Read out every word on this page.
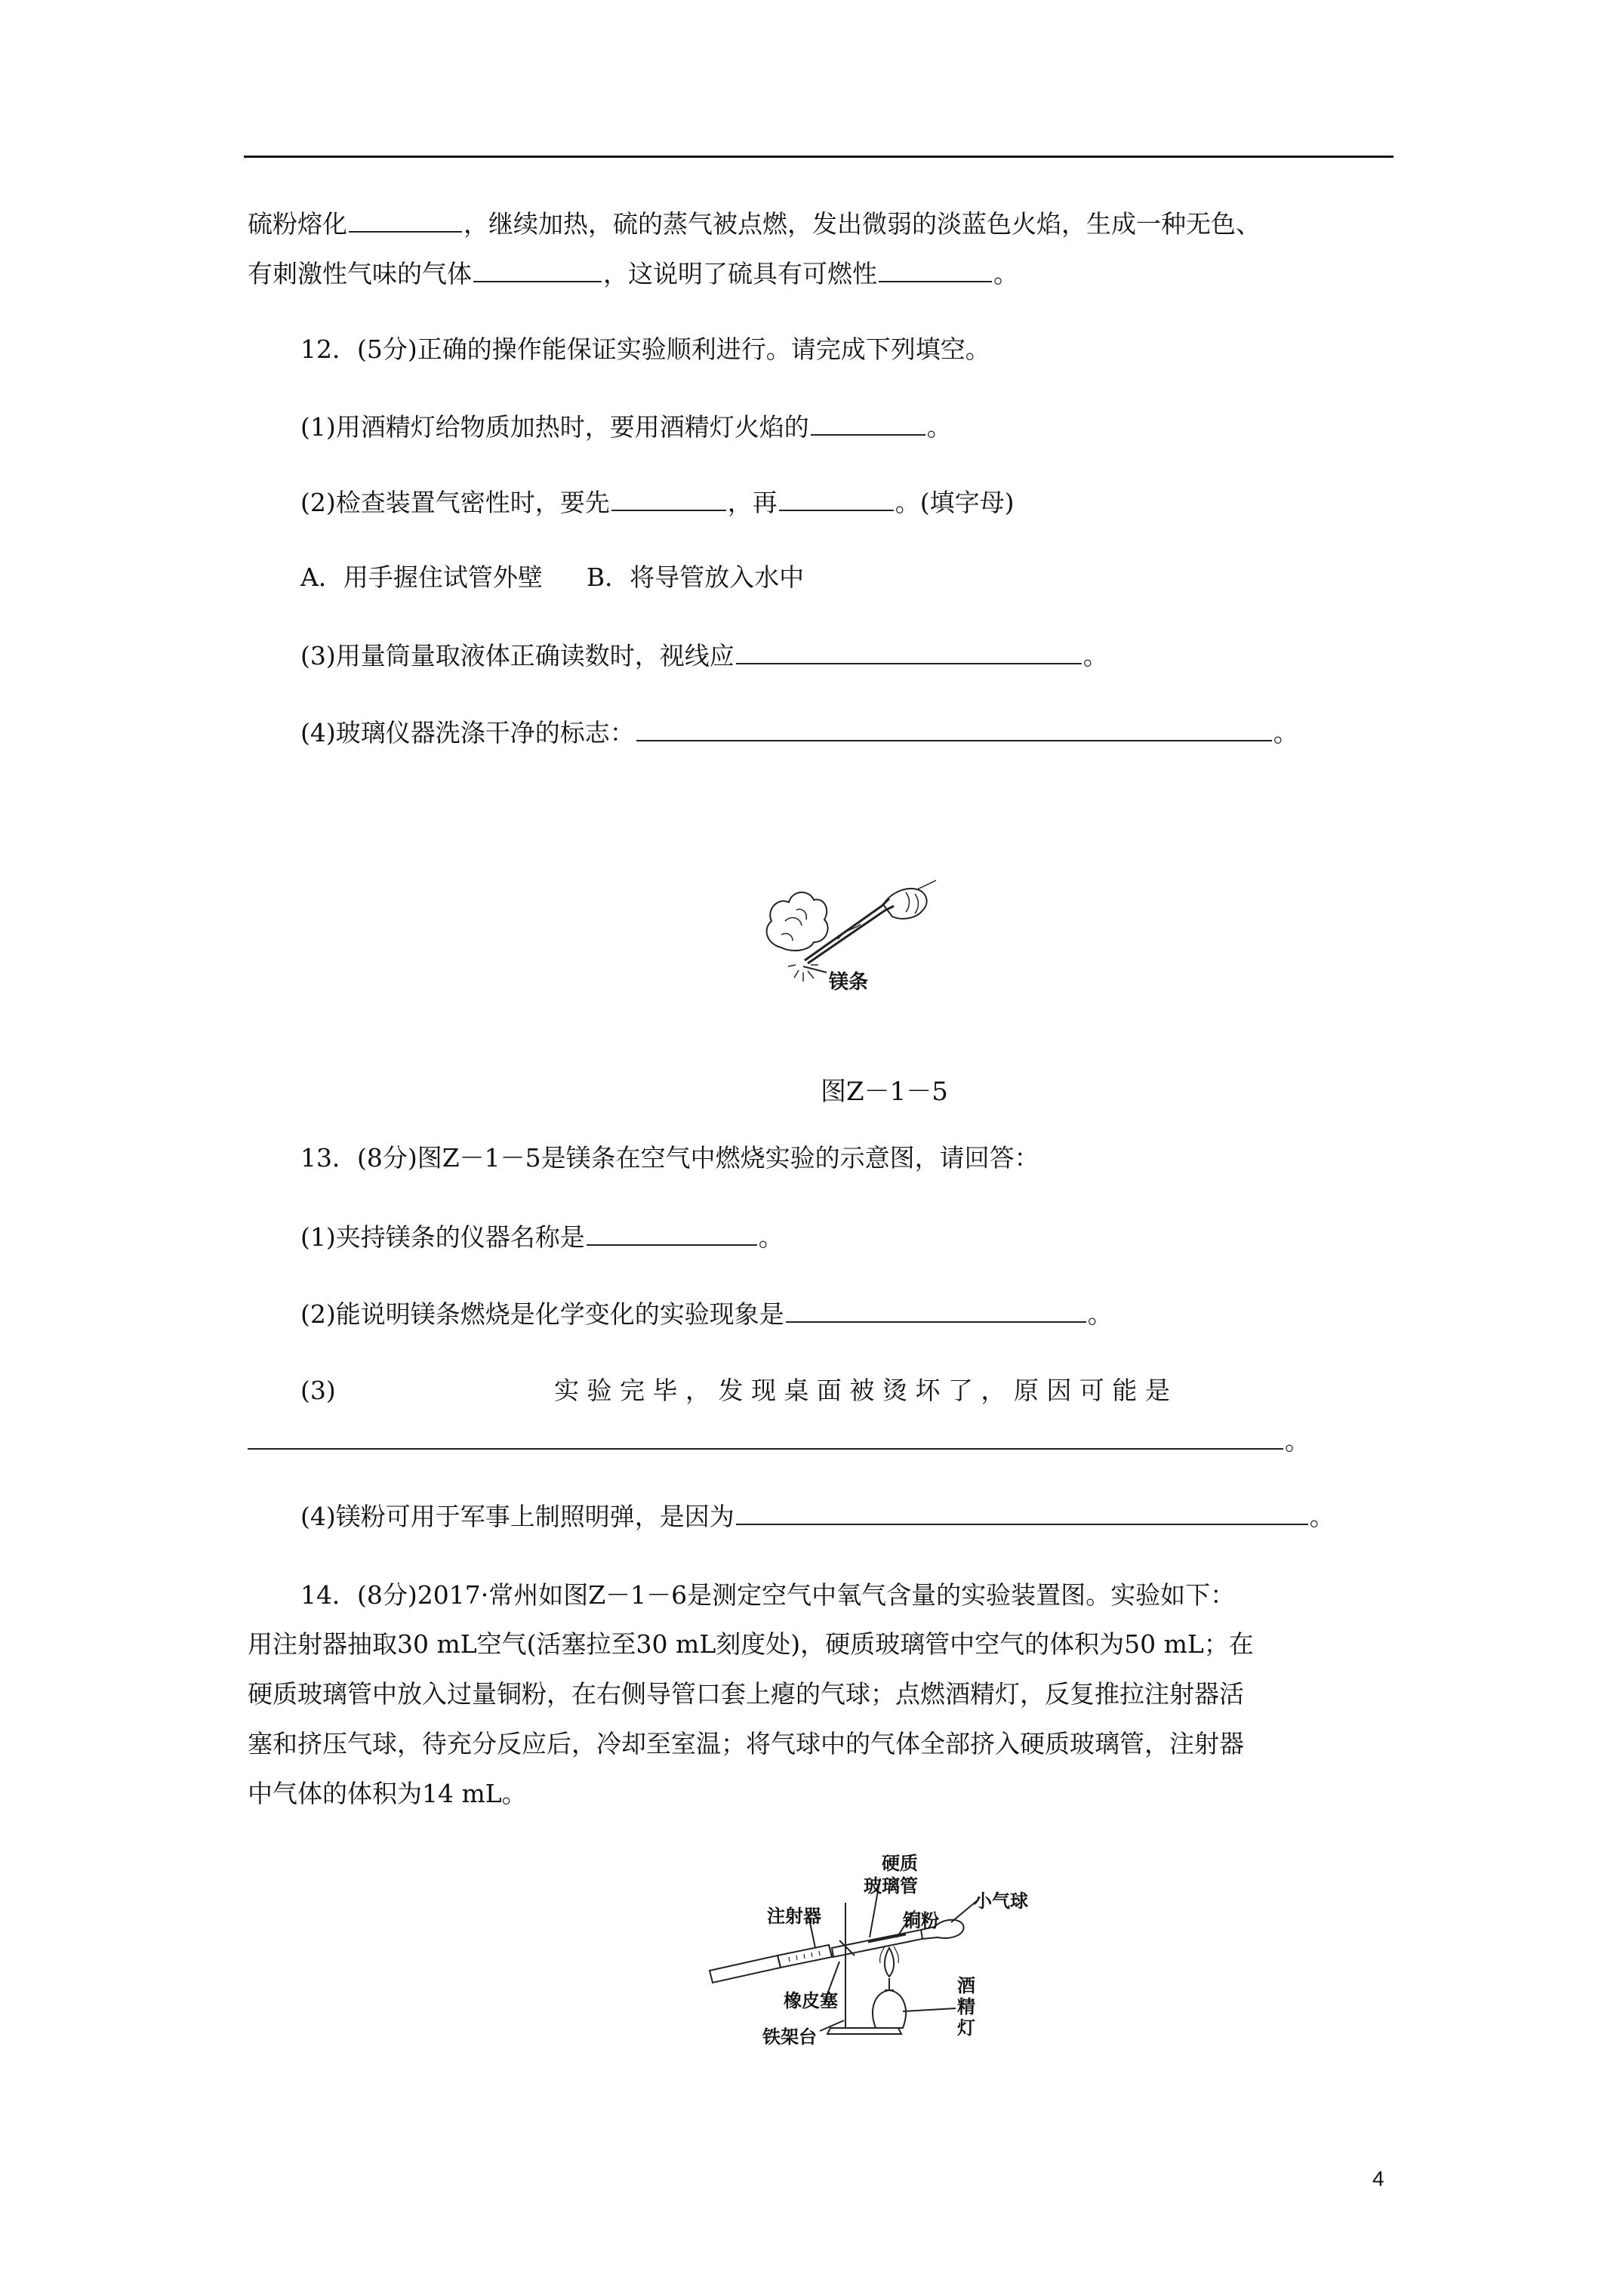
硫粉熔化	，继续加热，硫的蒸气被点燃，发出微弱的淡蓝色火焰，生成一种无色、
有刺激性气味的气体	，这说明了硫具有可燃性	。
12．(5分)正确的操作能保证实验顺利进行。请完成下列填空。
(1)用酒精灯给物质加热时，要用酒精灯火焰的	。
(2)检查装置气密性时，要先	，再	。(填字母)
A．用手握住试管外壁 B．将导管放入水中
(3)用量筒量取液体正确读数时，视线应	。
(4)玻璃仪器洗涤干净的标志：	。
镁条
图Z－1－5
13．(8分)图Z－1－5是镁条在空气中燃烧实验的示意图，请回答：
(1)夹持镁条的仪器名称是	。
(2)能说明镁条燃烧是化学变化的实验现象是	。
(3)	实 验 完 毕 ， 发 现 桌 面 被 烫 坏 了 ， 原 因 可 能 是
。
(4)镁粉可用于军事上制照明弹，是因为	。
14．(8分)2017·常州如图Z－1－6是测定空气中氧气含量的实验装置图。实验如下：
用注射器抽取30 mL空气(活塞拉至30 mL刻度处)，硬质玻璃管中空气的体积为50 mL；在
硬质玻璃管中放入过量铜粉，在右侧导管口套上瘪的气球；点燃酒精灯，反复推拉注射器活
塞和挤压气球，待充分反应后，冷却至室温；将气球中的气体全部挤入硬质玻璃管，注射器
中气体的体积为14 mL。
硬质
玻璃管
小气球
注射器	铜粉
橡皮塞
铁架台
酒
精
灯
4
